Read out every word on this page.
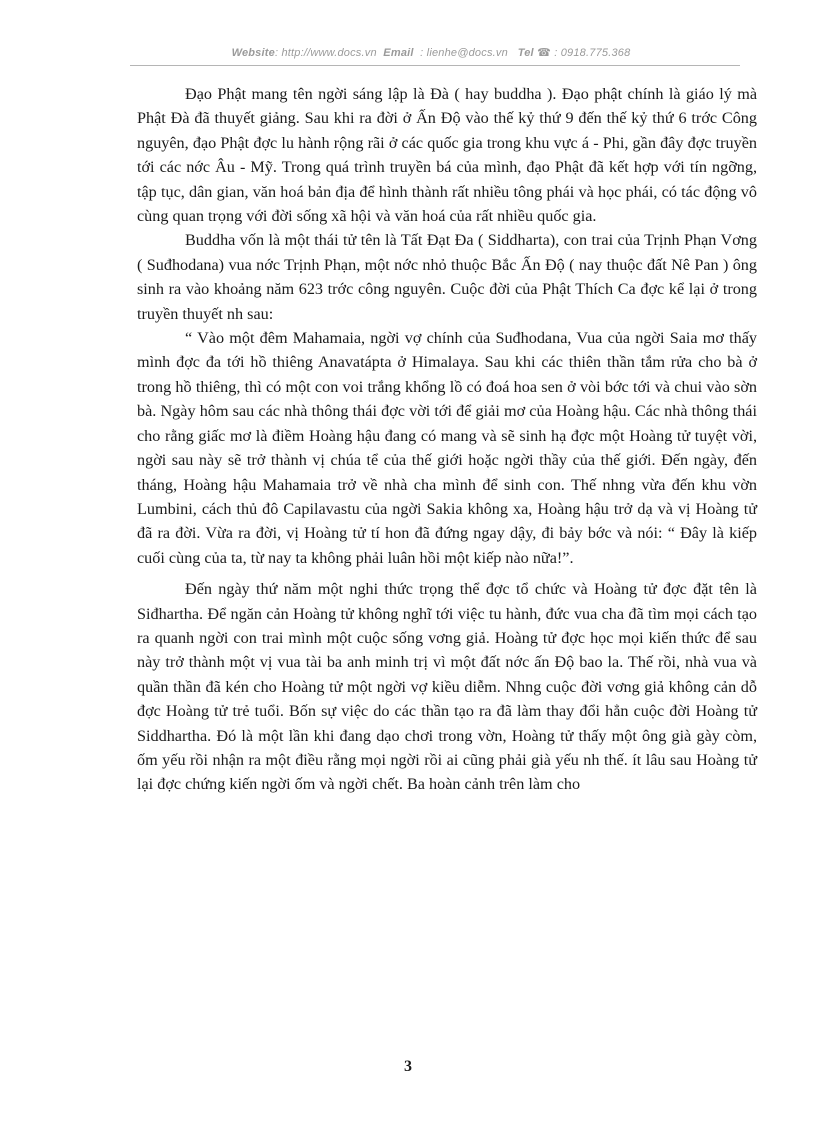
Website: http://www.docs.vn Email : lienhe@docs.vn Tel ☎ : 0918.775.368

Đạo Phật mang tên ngời sáng lập là Đà ( hay buddha ). Đạo phật chính là giáo lý mà Phật Đà đã thuyết giảng. Sau khi ra đời ở Ấn Độ vào thế kỷ thứ 9 đến thế kỷ thứ 6 trớc Công nguyên, đạo Phật đợc lu hành rộng rãi ở các quốc gia trong khu vực á - Phi, gần đây đợc truyền tới các nớc Âu - Mỹ. Trong quá trình truyền bá của mình, đạo Phật đã kết hợp với tín ngỡng, tập tục, dân gian, văn hoá bản địa để hình thành rất nhiều tông phái và học phái, có tác động vô cùng quan trọng với đời sống xã hội và văn hoá của rất nhiều quốc gia.

Buddha vốn là một thái tử tên là Tất Đạt Đa ( Siddharta), con trai của Trịnh Phạn Vơng ( Suđhodana) vua nớc Trịnh Phạn, một nớc nhỏ thuộc Bắc Ấn Độ ( nay thuộc đất Nê Pan ) ông sinh ra vào khoảng năm 623 trớc công nguyên. Cuộc đời của Phật Thích Ca đợc kể lại ở trong truyền thuyết nh sau:

“ Vào một đêm Mahamaia, ngời vợ chính của Suđhodana, Vua của ngời Saia mơ thấy mình đợc đa tới hồ thiêng Anavatápta ở Himalaya. Sau khi các thiên thần tắm rửa cho bà ở trong hồ thiêng, thì có một con voi trắng khổng lồ có đoá hoa sen ở vòi bớc tới và chui vào sờn bà. Ngày hôm sau các nhà thông thái đợc vời tới để giải mơ của Hoàng hậu. Các nhà thông thái cho rằng giấc mơ là điềm Hoàng hậu đang có mang và sẽ sinh hạ đợc một Hoàng tử tuyệt vời, ngời sau này sẽ trở thành vị chúa tể của thế giới hoặc ngời thầy của thế giới. Đến ngày, đến tháng, Hoàng hậu Mahamaia trở về nhà cha mình để sinh con. Thế nhng vừa đến khu vờn Lumbini, cách thủ đô Capilavastu của ngời Sakia không xa, Hoàng hậu trở dạ và vị Hoàng tử đã ra đời. Vừa ra đời, vị Hoàng tử tí hon đã đứng ngay dậy, đi bảy bớc và nói: “ Đây là kiếp cuối cùng của ta, từ nay ta không phải luân hồi một kiếp nào nữa!”.

Đến ngày thứ năm một nghi thức trọng thể đợc tổ chức và Hoàng tử đợc đặt tên là Siđhartha. Để ngăn cản Hoàng tử không nghĩ tới việc tu hành, đức vua cha đã tìm mọi cách tạo ra quanh ngời con trai mình một cuộc sống vơng giả. Hoàng tử đợc học mọi kiến thức để sau này trở thành một vị vua tài ba anh minh trị vì một đất nớc ấn Độ bao la. Thế rồi, nhà vua và quần thần đã kén cho Hoàng tử một ngời vợ kiều diễm. Nhng cuộc đời vơng giả không cản dỗ đợc Hoàng tử trẻ tuổi. Bốn sự việc do các thần tạo ra đã làm thay đổi hẳn cuộc đời Hoàng tử Siddhartha. Đó là một lần khi đang dạo chơi trong vờn, Hoàng tử thấy một ông già gày còm, ốm yếu rồi nhận ra một điều rằng mọi ngời rồi ai cũng phải già yếu nh thế. ít lâu sau Hoàng tử lại đợc chứng kiến ngời ốm và ngời chết. Ba hoàn cảnh trên làm cho

3
